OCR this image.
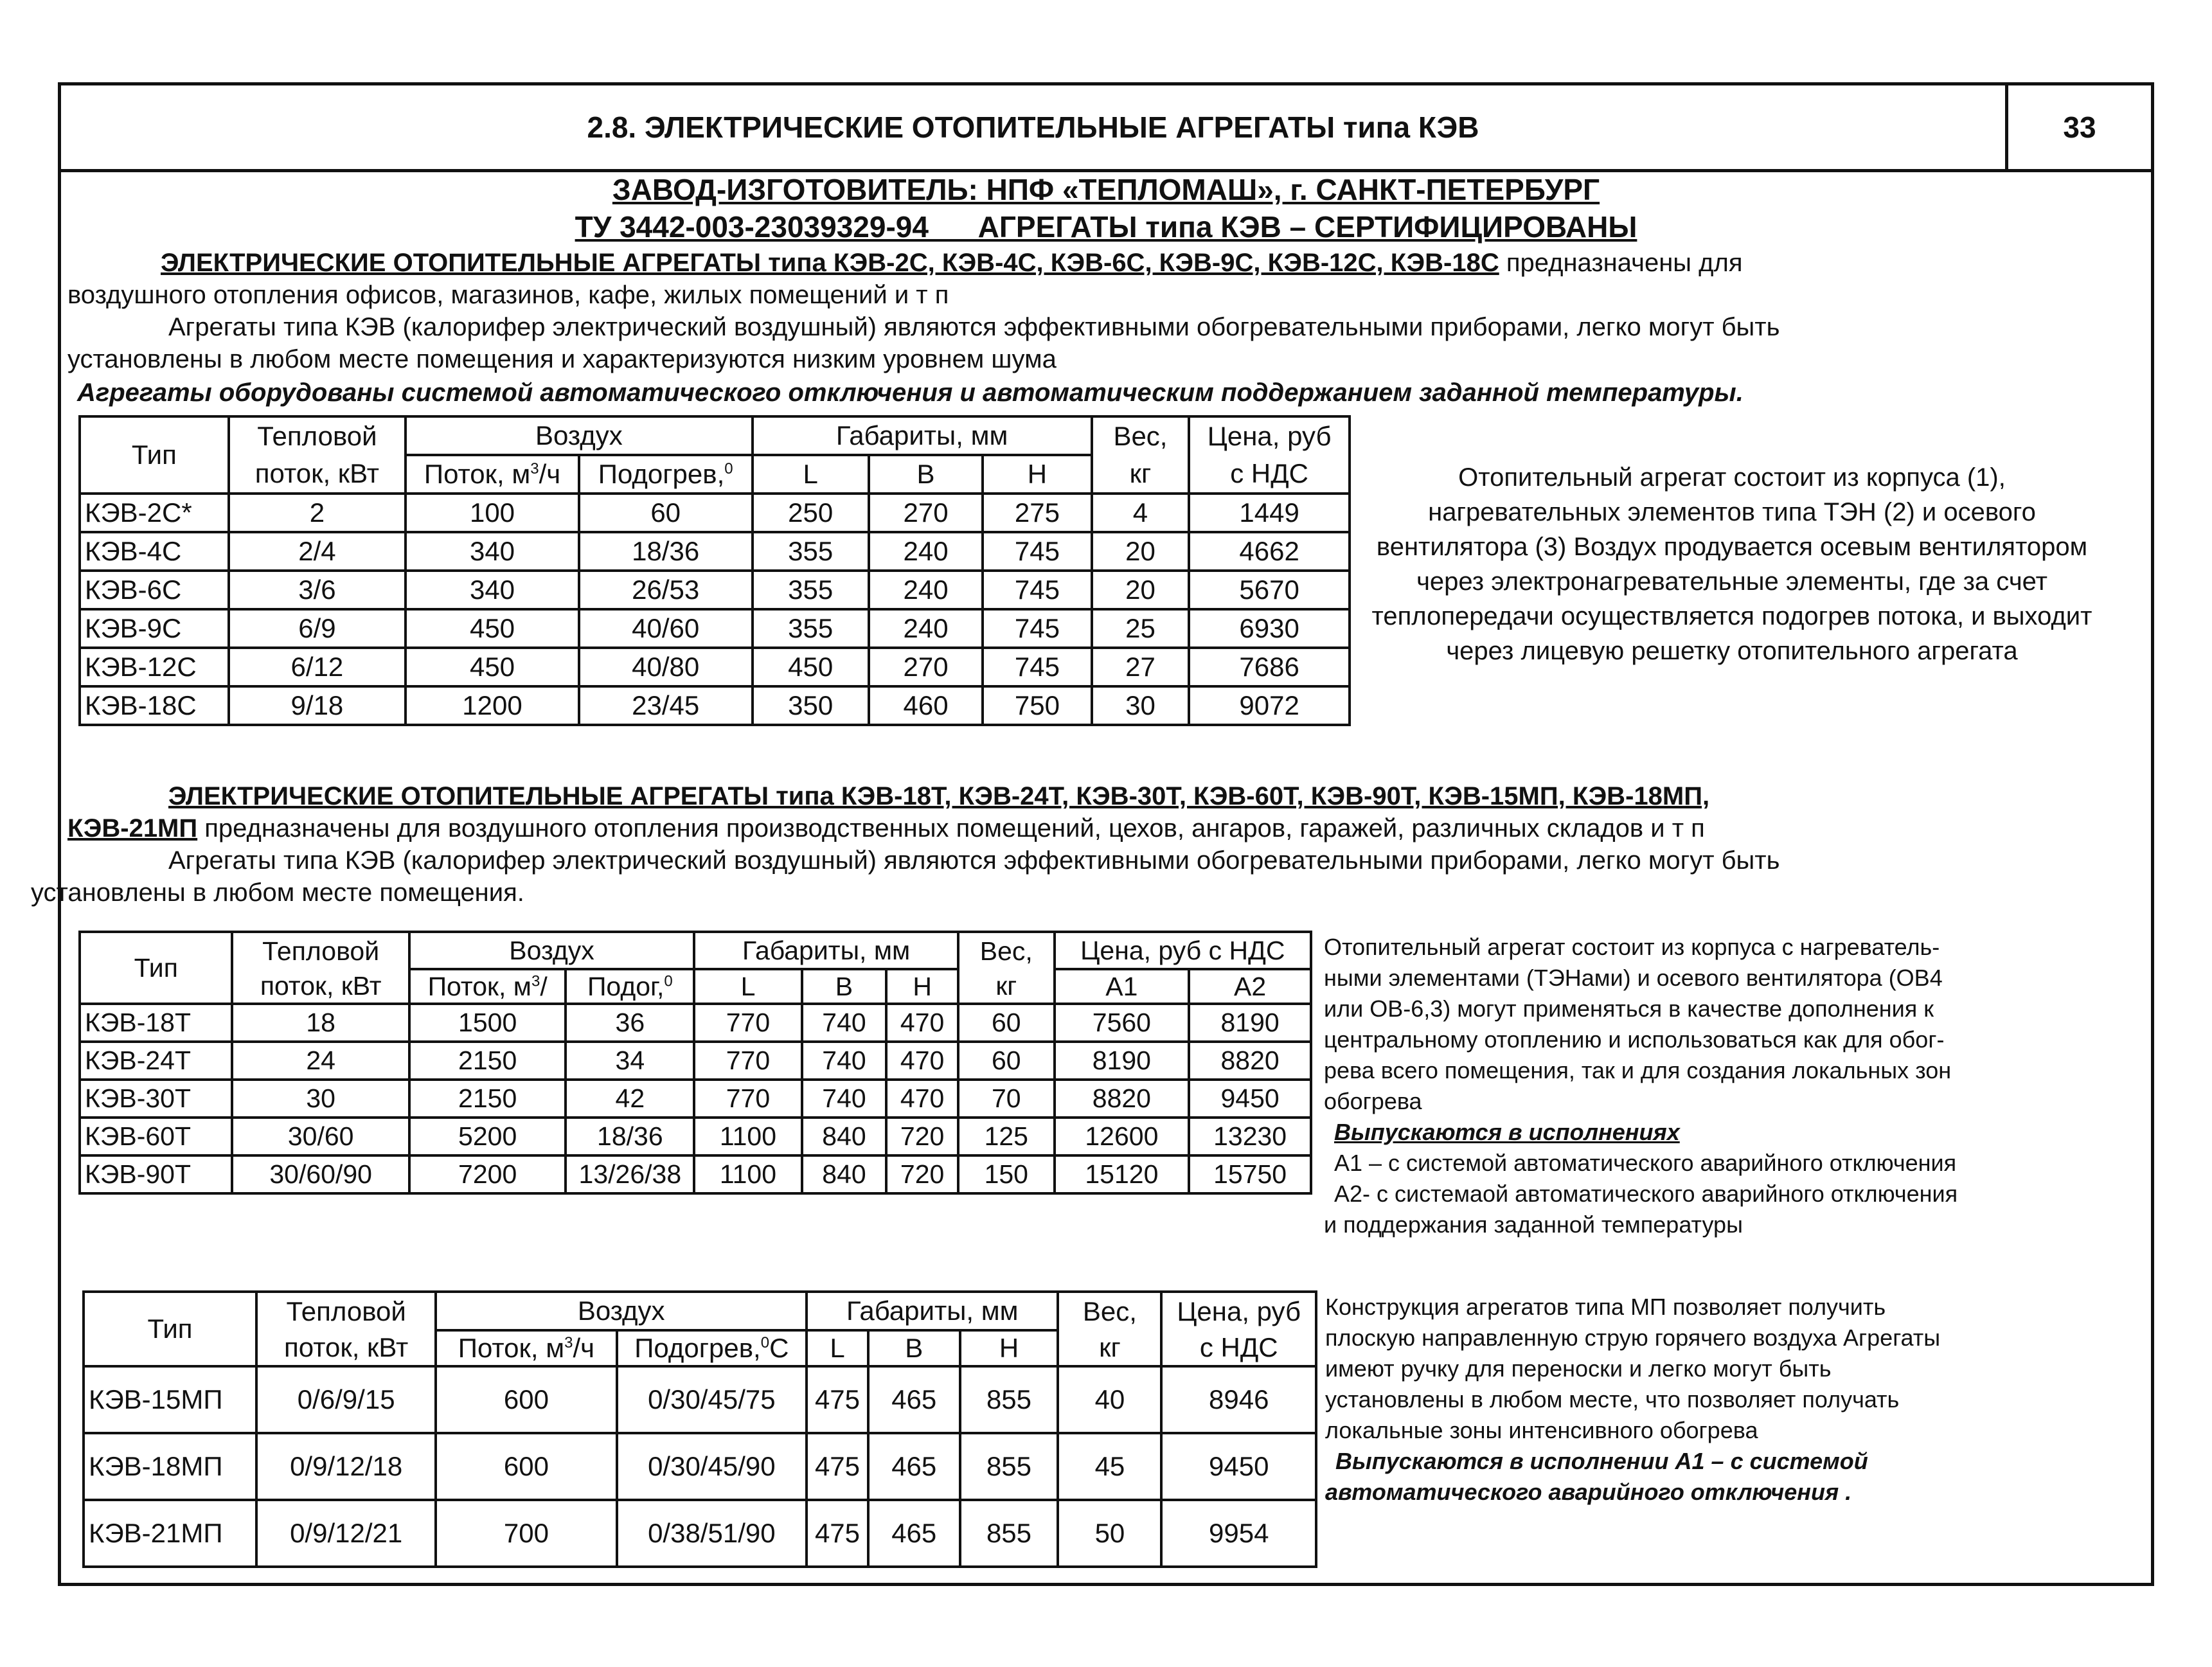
2.8. ЭЛЕКТРИЧЕСКИЕ ОТОПИТЕЛЬНЫЕ АГРЕГАТЫ типа КЭВ	33
ЗАВОД-ИЗГОТОВИТЕЛЬ: НПФ «ТЕПЛОМАШ», г. САНКТ-ПЕТЕРБУРГ
ТУ 3442-003-23039329-94      АГРЕГАТЫ типа КЭВ – СЕРТИФИЦИРОВАНЫ
ЭЛЕКТРИЧЕСКИЕ ОТОПИТЕЛЬНЫЕ АГРЕГАТЫ типа КЭВ-2С, КЭВ-4С, КЭВ-6С, КЭВ-9С, КЭВ-12С, КЭВ-18С предназначены для
воздушного отопления офисов, магазинов, кафе, жилых помещений и т п
Агрегаты типа КЭВ (калорифер электрический воздушный) являются эффективными обогревательными приборами, легко могут быть
установлены в любом месте помещения и характеризуются низким уровнем шума
Агрегаты оборудованы системой автоматического отключения и автоматическим поддержанием заданной температуры.
Тип	Тепловой	Воздух		Габариты, мм			Вес,	Цена, руб
	поток, кВт	Поток, $м^3/ч$	Подогрев,$^0$	L	B	H	кг	с НДС
КЭВ-2С*	2	100	60	250	270	275	4	1449
КЭВ-4С	2/4	340	18/36	355	240	745	20	4662
КЭВ-6С	3/6	340	26/53	355	240	745	20	5670
КЭВ-9С	6/9	450	40/60	355	240	745	25	6930
КЭВ-12С	6/12	450	40/80	450	270	745	27	7686
КЭВ-18С	9/18	1200	23/45	350	460	750	30	9072
Отопительный агрегат состоит из корпуса (1), нагревательных элементов типа ТЭН (2) и осевого вентилятора (3) Воздух продувается осевым вентилятором через электронагревательные элементы, где за счет теплопередачи осуществляется подогрев потока, и выходит через лицевую решетку отопительного агрегата
ЭЛЕКТРИЧЕСКИЕ ОТОПИТЕЛЬНЫЕ АГРЕГАТЫ типа КЭВ-18Т, КЭВ-24Т, КЭВ-30Т, КЭВ-60Т, КЭВ-90Т, КЭВ-15МП, КЭВ-18МП,
КЭВ-21МП предназначены для воздушного отопления производственных помещений, цехов, ангаров, гаражей, различных складов и т п
Агрегаты типа КЭВ (калорифер электрический воздушный) являются эффективными обогревательными приборами, легко могут быть
установлены в любом месте помещения.
Тип	Тепловой	Воздух		Габариты, мм			Вес,	Цена, руб с НДС	
	поток, кВт	Поток, $м^3/$	Подог,$^0$	L	B	H	кг	A1	A2
КЭВ-18Т	18	1500	36	770	740	470	60	7560	8190
КЭВ-24Т	24	2150	34	770	740	470	60	8190	8820
КЭВ-30Т	30	2150	42	770	740	470	70	8820	9450
КЭВ-60Т	30/60	5200	18/36	1100	840	720	125	12600	13230
КЭВ-90Т	30/60/90	7200	13/26/38	1100	840	720	150	15120	15750
Отопительный агрегат состоит из корпуса с нагреватель-
ными элементами (ТЭНами) и осевого вентилятора (ОВ4
или ОВ-6,3) могут применяться в качестве дополнения к
центральному отоплению и использоватьcя как для обог-
рева всего помещения, так и для создания локальных зон
обогрева
Выпускаются в исполнениях
А1 – с системой автоматического аварийного отключения
А2- с системаой автоматического аварийного отключения
и поддержания заданной температуры
Тип	Тепловой	Воздух		Габариты, мм			Вес,	Цена, руб
	поток, кВт	Поток, $м^3/ч$	Подогрев,$^0$С	L	B	H	кг	с НДС
КЭВ-15МП	0/6/9/15	600	0/30/45/75	475	465	855	40	8946
КЭВ-18МП	0/9/12/18	600	0/30/45/90	475	465	855	45	9450
КЭВ-21МП	0/9/12/21	700	0/38/51/90	475	465	855	50	9954
Конструкция агрегатов типа МП позволяет получить
плоскую направленную струю горячего воздуха Агрегаты
имеют ручку для переноски и легко могут быть
установлены в любом месте, что позволяет получать
локальные зоны интенсивного обогрева
Выпускаются в исполнении А1 – с системой
автоматического аварийного отключения .
